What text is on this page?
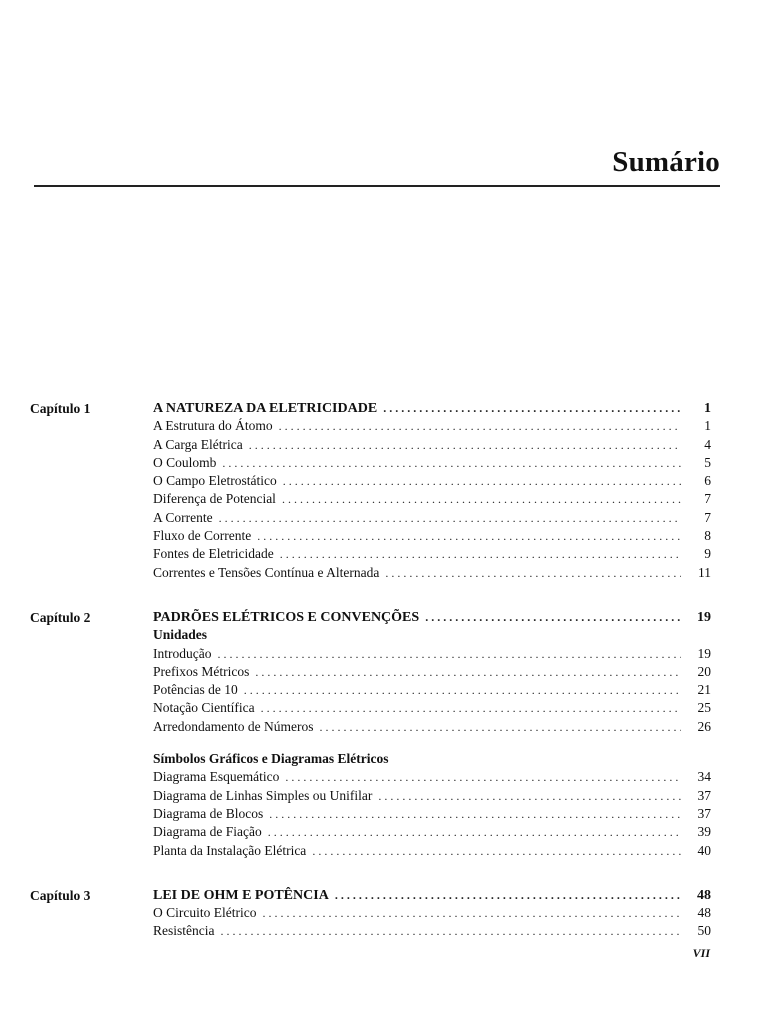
Sumário
Capítulo 1	A NATUREZA DA ELETRICIDADE . . .	1
A Estrutura do Átomo . . .	1
A Carga Elétrica . . .	4
O Coulomb . . .	5
O Campo Eletrostático . . .	6
Diferença de Potencial . . .	7
A Corrente . . .	7
Fluxo de Corrente . . .	8
Fontes de Eletricidade . . .	9
Correntes e Tensões Contínua e Alternada . . .	11
Capítulo 2	PADRÕES ELÉTRICOS E CONVENÇÕES . . .	19
Unidades
Introdução . . .	19
Prefixos Métricos . . .	20
Potências de 10 . . .	21
Notação Científica . . .	25
Arredondamento de Números . . .	26
Símbolos Gráficos e Diagramas Elétricos
Diagrama Esquemático . . .	34
Diagrama de Linhas Simples ou Unifilar . . .	37
Diagrama de Blocos . . .	37
Diagrama de Fiação . . .	39
Planta da Instalação Elétrica . . .	40
Capítulo 3	LEI DE OHM E POTÊNCIA . . .	48
O Circuito Elétrico . . .	48
Resistência . . .	50
VII
